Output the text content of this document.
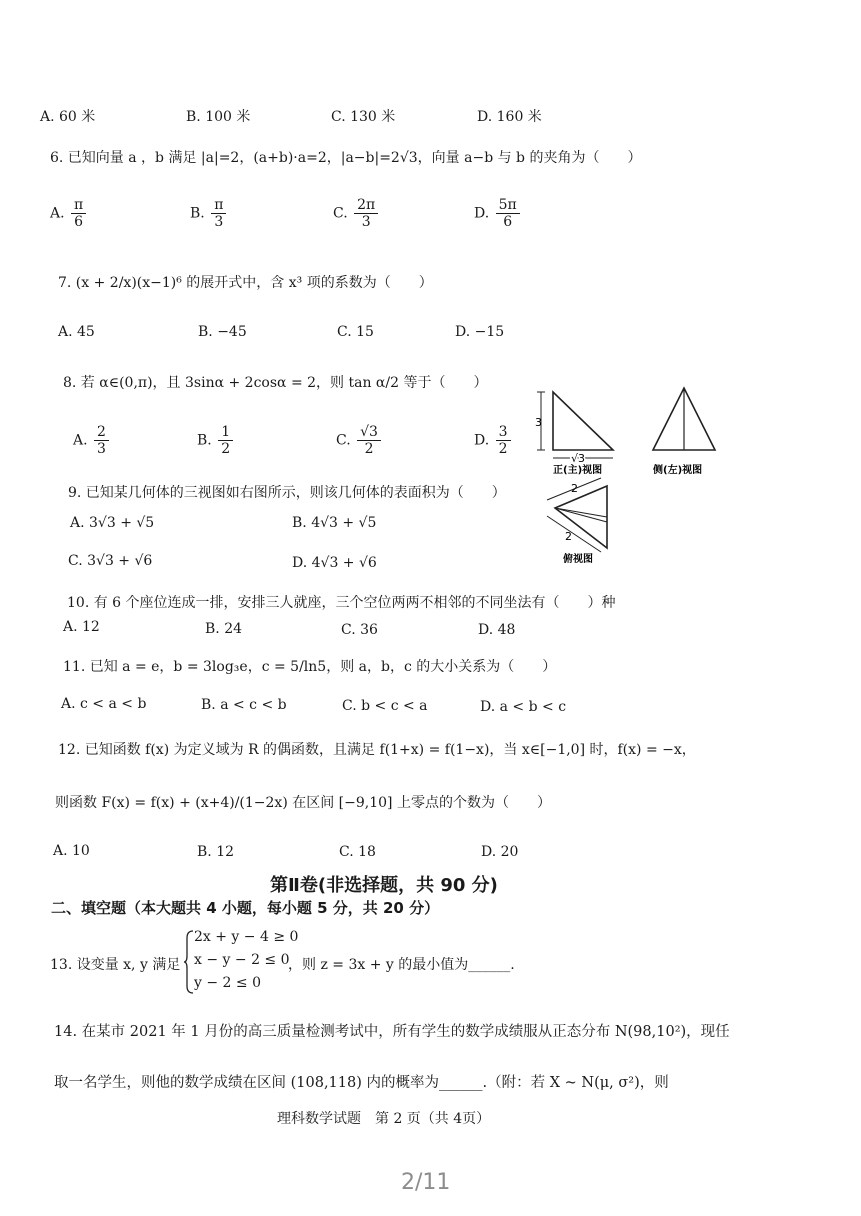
A. 60 米	B. 100 米	C. 130 米	D. 160 米
6. 已知向量 a ，b 满足 |a|=2，(a+b)·a=2，|a−b|=2√3，向量 a−b 与 b 的夹角为（　　）
A. $\frac{\pi}{6}$	B. $\frac{\pi}{3}$	C. $\frac{2\pi}{3}$	D. $\frac{5\pi}{6}$
7. (x + 2/x)(x−1)⁶ 的展开式中，含 x³ 项的系数为（　　）
A. 45	B. −45	C. 15	D. −15
8. 若 α∈(0,π)，且 3sinα + 2cosα = 2，则 tan α/2 等于（　　）
A. $\frac{2}{3}$	B. $\frac{1}{2}$	C. $\frac{√3}{2}$	D. $\frac{3}{2}$
3
√3
正(主)视图	侧(左)视图
2
2
俯视图
9. 已知某几何体的三视图如右图所示，则该几何体的表面积为（　　）
A. 3√3 + √5	B. 4√3 + √5
C. 3√3 + √6	D. 4√3 + √6
10. 有 6 个座位连成一排，安排三人就座，三个空位两两不相邻的不同坐法有（　　）种
A. 12	B. 24	C. 36	D. 48
11. 已知 a = e，b = 3log₃e，c = 5/ln5，则 a，b，c 的大小关系为（　　）
A. c < a < b	B. a < c < b	C. b < c < a	D. a < b < c
12. 已知函数 f(x) 为定义域为 R 的偶函数，且满足 f(1+x) = f(1−x)，当 x∈[−1,0] 时，f(x) = −x，
则函数 F(x) = f(x) + (x+4)/(1−2x) 在区间 [−9,10] 上零点的个数为（　　）
A. 10	B. 12	C. 18	D. 20
第Ⅱ卷(非选择题，共 90 分)
二、填空题（本大题共 4 小题，每小题 5 分，共 20 分）
13. 设变量 x, y 满足
2x + y − 4 ≥ 0
x − y − 2 ≤ 0
y − 2 ≤ 0
，则 z = 3x + y 的最小值为______.
14. 在某市 2021 年 1 月份的高三质量检测考试中，所有学生的数学成绩服从正态分布 N(98,10²)，现任
取一名学生，则他的数学成绩在区间 (108,118) 内的概率为______.（附：若 X ~ N(μ, σ²)，则
理科数学试题　第 2 页（共 4页）
2/11
